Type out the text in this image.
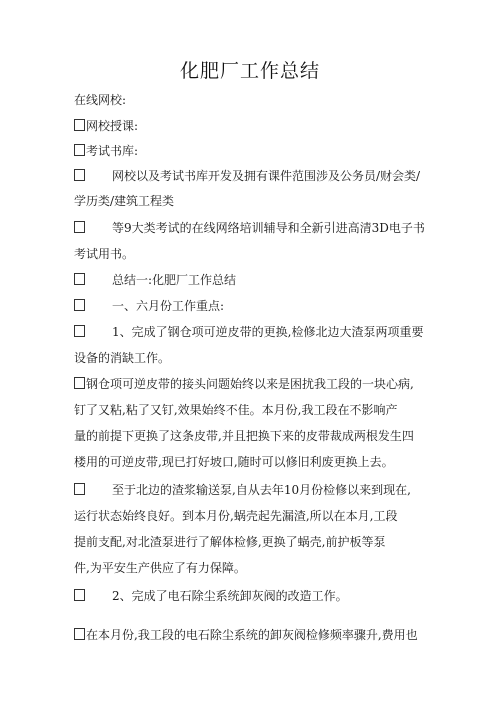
化肥厂工作总结
在线网校:
网校授课:
考试书库:
网校以及考试书库开发及拥有课件范围涉及公务员/财会类/
学历类/建筑工程类
等9大类考试的在线网络培训辅导和全新引进高清3D电子书
考试用书。
总结一:化肥厂工作总结
一、六月份工作重点:
1、完成了钢仓项可逆皮带的更换,检修北边大渣泵两项重要
设备的消缺工作。
钢仓项可逆皮带的接头问题始终以来是困扰我工段的一块心病,
钉了又粘,粘了又钉,效果始终不佳。本月份,我工段在不影响产
量的前提下更换了这条皮带,并且把换下来的皮带裁成两根发生四
楼用的可逆皮带,现已打好坡口,随时可以修旧利废更换上去。
至于北边的渣浆输送泵,自从去年10月份检修以来到现在,
运行状态始终良好。到本月份,蜗壳起先漏渣,所以在本月,工段
提前支配,对北渣泵进行了解体检修,更换了蜗壳,前护板等泵
件,为平安生产供应了有力保障。
2、完成了电石除尘系统卸灰阀的改造工作。
在本月份,我工段的电石除尘系统的卸灰阀检修频率骤升,费用也
